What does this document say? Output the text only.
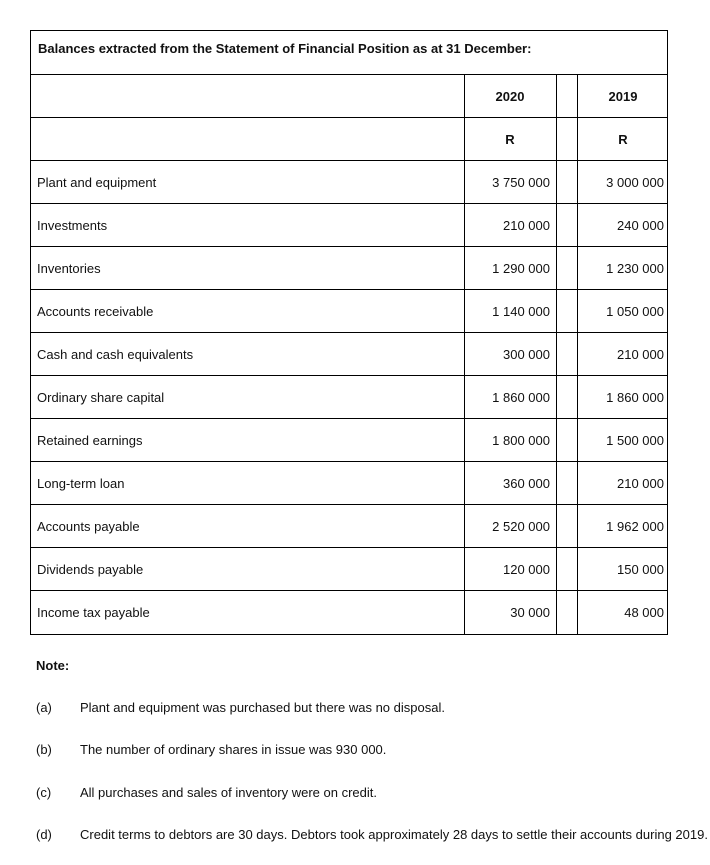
Balances extracted from the Statement of Financial Position as at 31 December:
2020	2019
R	R
Plant and equipment	3 750 000	3 000 000
Investments	210 000	240 000
Inventories	1 290 000	1 230 000
Accounts receivable	1 140 000	1 050 000
Cash and cash equivalents	300 000	210 000
Ordinary share capital	1 860 000	1 860 000
Retained earnings	1 800 000	1 500 000
Long-term loan	360 000	210 000
Accounts payable	2 520 000	1 962 000
Dividends payable	120 000	150 000
Income tax payable	30 000	48 000
Note:
(a) Plant and equipment was purchased but there was no disposal.
(b) The number of ordinary shares in issue was 930 000.
(c) All purchases and sales of inventory were on credit.
(d) Credit terms to debtors are 30 days. Debtors took approximately 28 days to settle their accounts during 2019.
